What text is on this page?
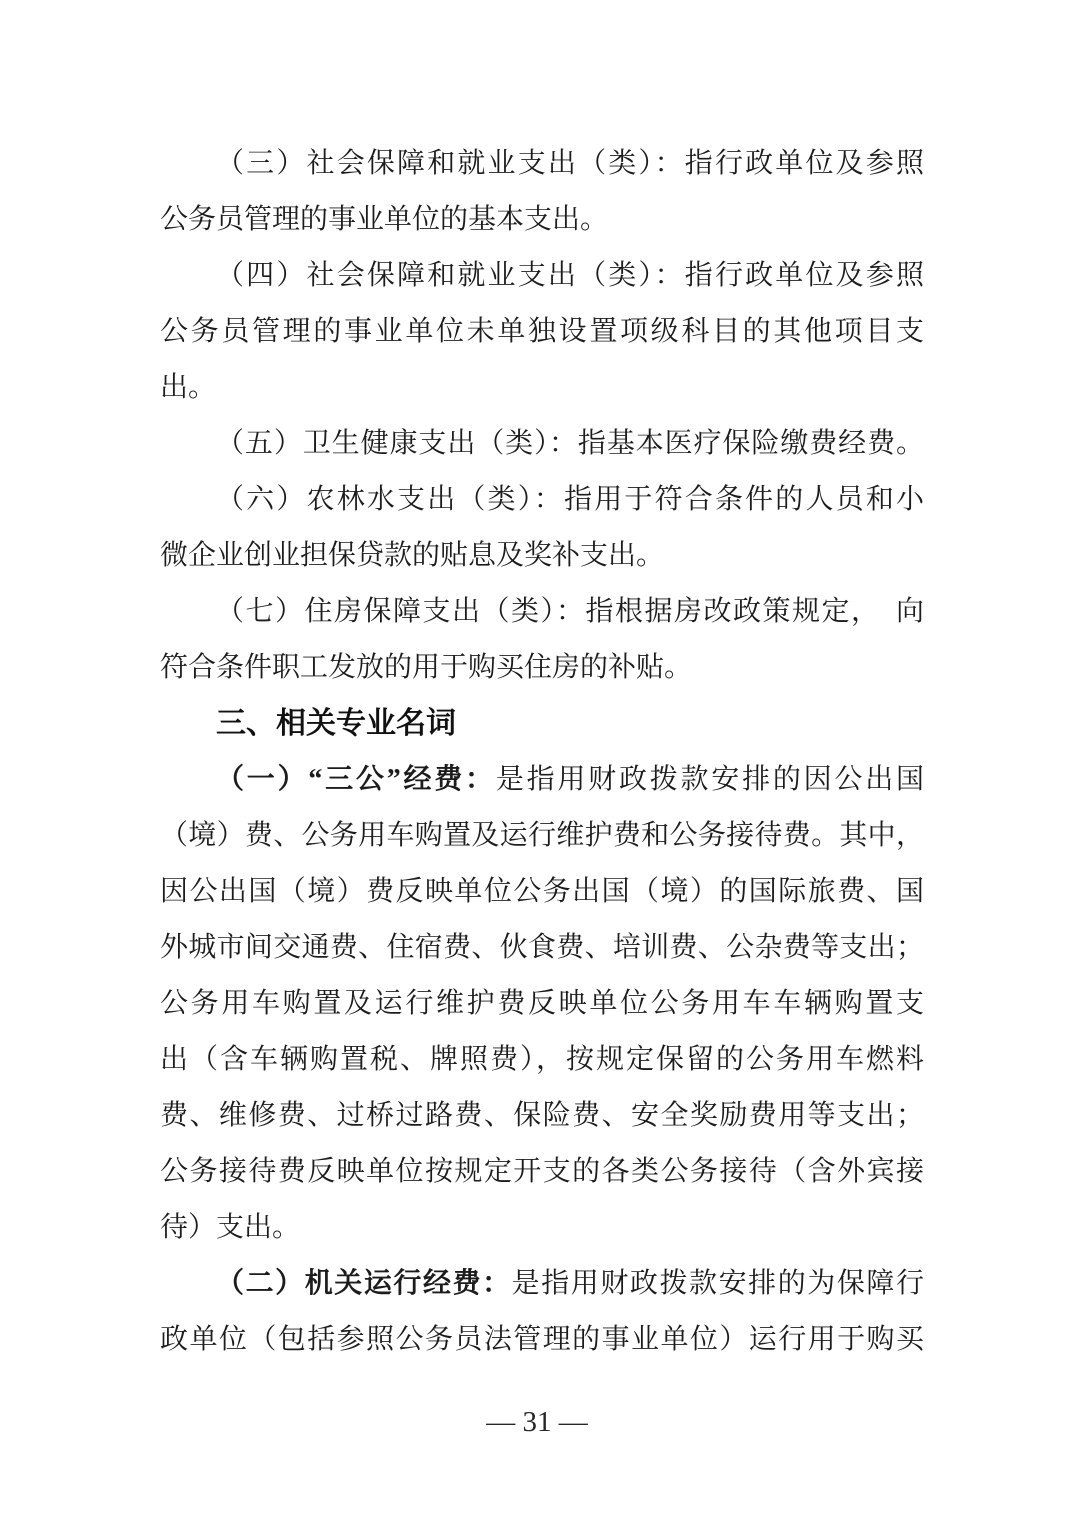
（三）社会保障和就业支出（类）：指行政单位及参照
公务员管理的事业单位的基本支出。
（四）社会保障和就业支出（类）：指行政单位及参照
公务员管理的事业单位未单独设置项级科目的其他项目支
出。
（五）卫生健康支出（类）：指基本医疗保险缴费经费。
（六）农林水支出（类）：指用于符合条件的人员和小
微企业创业担保贷款的贴息及奖补支出。
（七）住房保障支出（类）：指根据房改政策规定，　向
符合条件职工发放的用于购买住房的补贴。
三、相关专业名词
（一）“三公”经费：是指用财政拨款安排的因公出国
（境）费、公务用车购置及运行维护费和公务接待费。其中，
因公出国（境）费反映单位公务出国（境）的国际旅费、国
外城市间交通费、住宿费、伙食费、培训费、公杂费等支出；
公务用车购置及运行维护费反映单位公务用车车辆购置支
出（含车辆购置税、牌照费），按规定保留的公务用车燃料
费、维修费、过桥过路费、保险费、安全奖励费用等支出；
公务接待费反映单位按规定开支的各类公务接待（含外宾接
待）支出。
（二）机关运行经费：是指用财政拨款安排的为保障行
政单位（包括参照公务员法管理的事业单位）运行用于购买
— 31 —
